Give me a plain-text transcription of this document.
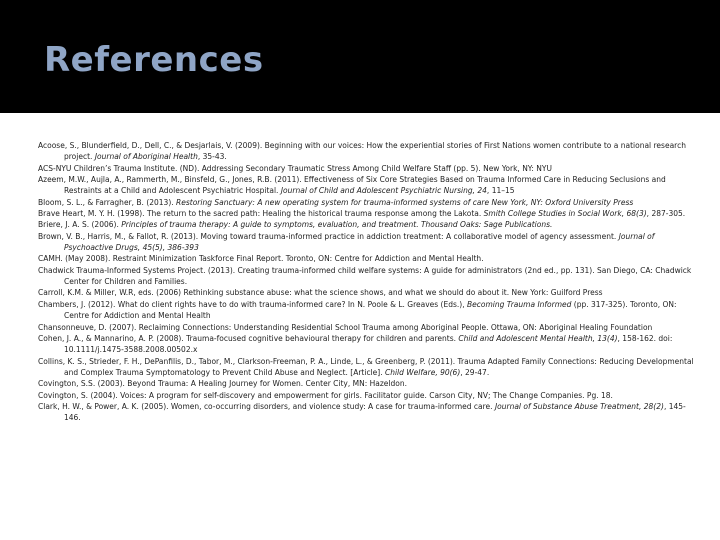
References

Acoose, S., Blunderfield, D., Dell, C., & Desjarlais, V. (2009). Beginning with our voices: How the experiential stories of First Nations women contribute to a national research project. Journal of Aboriginal Health, 35-43.

ACS-NYU Children’s Trauma Institute. (ND). Addressing Secondary Traumatic Stress Among Child Welfare Staff (pp. 5). New York, NY: NYU

Azeem, M.W., Aujla, A., Rammerth, M., Binsfeld, G., Jones, R.B. (2011). Effectiveness of Six Core Strategies Based on Trauma Informed Care in Reducing Seclusions and Restraints at a Child and Adolescent Psychiatric Hospital. Journal of Child and Adolescent Psychiatric Nursing, 24, 11–15

Bloom, S. L., & Farragher, B. (2013). Restoring Sanctuary: A new operating system for trauma-informed systems of care New York, NY: Oxford University Press

Brave Heart, M. Y. H. (1998). The return to the sacred path: Healing the historical trauma response among the Lakota. Smith College Studies in Social Work, 68(3), 287-305.

Briere, J. A. S. (2006). Principles of trauma therapy: A guide to symptoms, evaluation, and treatment. Thousand Oaks: Sage Publications.

Brown, V. B., Harris, M., & Fallot, R. (2013). Moving toward trauma-informed practice in addiction treatment: A collaborative model of agency assessment. Journal of Psychoactive Drugs, 45(5), 386-393

CAMH. (May 2008). Restraint Minimization Taskforce Final Report. Toronto, ON: Centre for Addiction and Mental Health.

Chadwick Trauma-Informed Systems Project. (2013). Creating trauma-informed child welfare systems: A guide for administrators (2nd ed., pp. 131). San Diego, CA: Chadwick Center for Children and Families.

Carroll, K.M. & Miller, W.R, eds. (2006) Rethinking substance abuse: what the science shows, and what we should do about it. New York: Guilford Press

Chambers, J. (2012). What do client rights have to do with trauma-informed care? In N. Poole & L. Greaves (Eds.), Becoming Trauma Informed (pp. 317-325). Toronto, ON: Centre for Addiction and Mental Health

Chansonneuve, D. (2007). Reclaiming Connections: Understanding Residential School Trauma among Aboriginal People. Ottawa, ON: Aboriginal Healing Foundation

Cohen, J. A., & Mannarino, A. P. (2008). Trauma-focused cognitive behavioural therapy for children and parents. Child and Adolescent Mental Health, 13(4), 158-162. doi: 10.1111/j.1475-3588.2008.00502.x

Collins, K. S., Strieder, F. H., DePanfilis, D., Tabor, M., Clarkson-Freeman, P. A., Linde, L., & Greenberg, P. (2011). Trauma Adapted Family Connections: Reducing Developmental and Complex Trauma Symptomatology to Prevent Child Abuse and Neglect. [Article]. Child Welfare, 90(6), 29-47.

Covington, S.S. (2003). Beyond Trauma: A Healing Journey for Women. Center City, MN: Hazeldon.

Covington, S. (2004). Voices: A program for self-discovery and empowerment for girls. Facilitator guide. Carson City, NV; The Change Companies. Pg. 18.

Clark, H. W., & Power, A. K. (2005). Women, co-occurring disorders, and violence study: A case for trauma-informed care. Journal of Substance Abuse Treatment, 28(2), 145-146.
